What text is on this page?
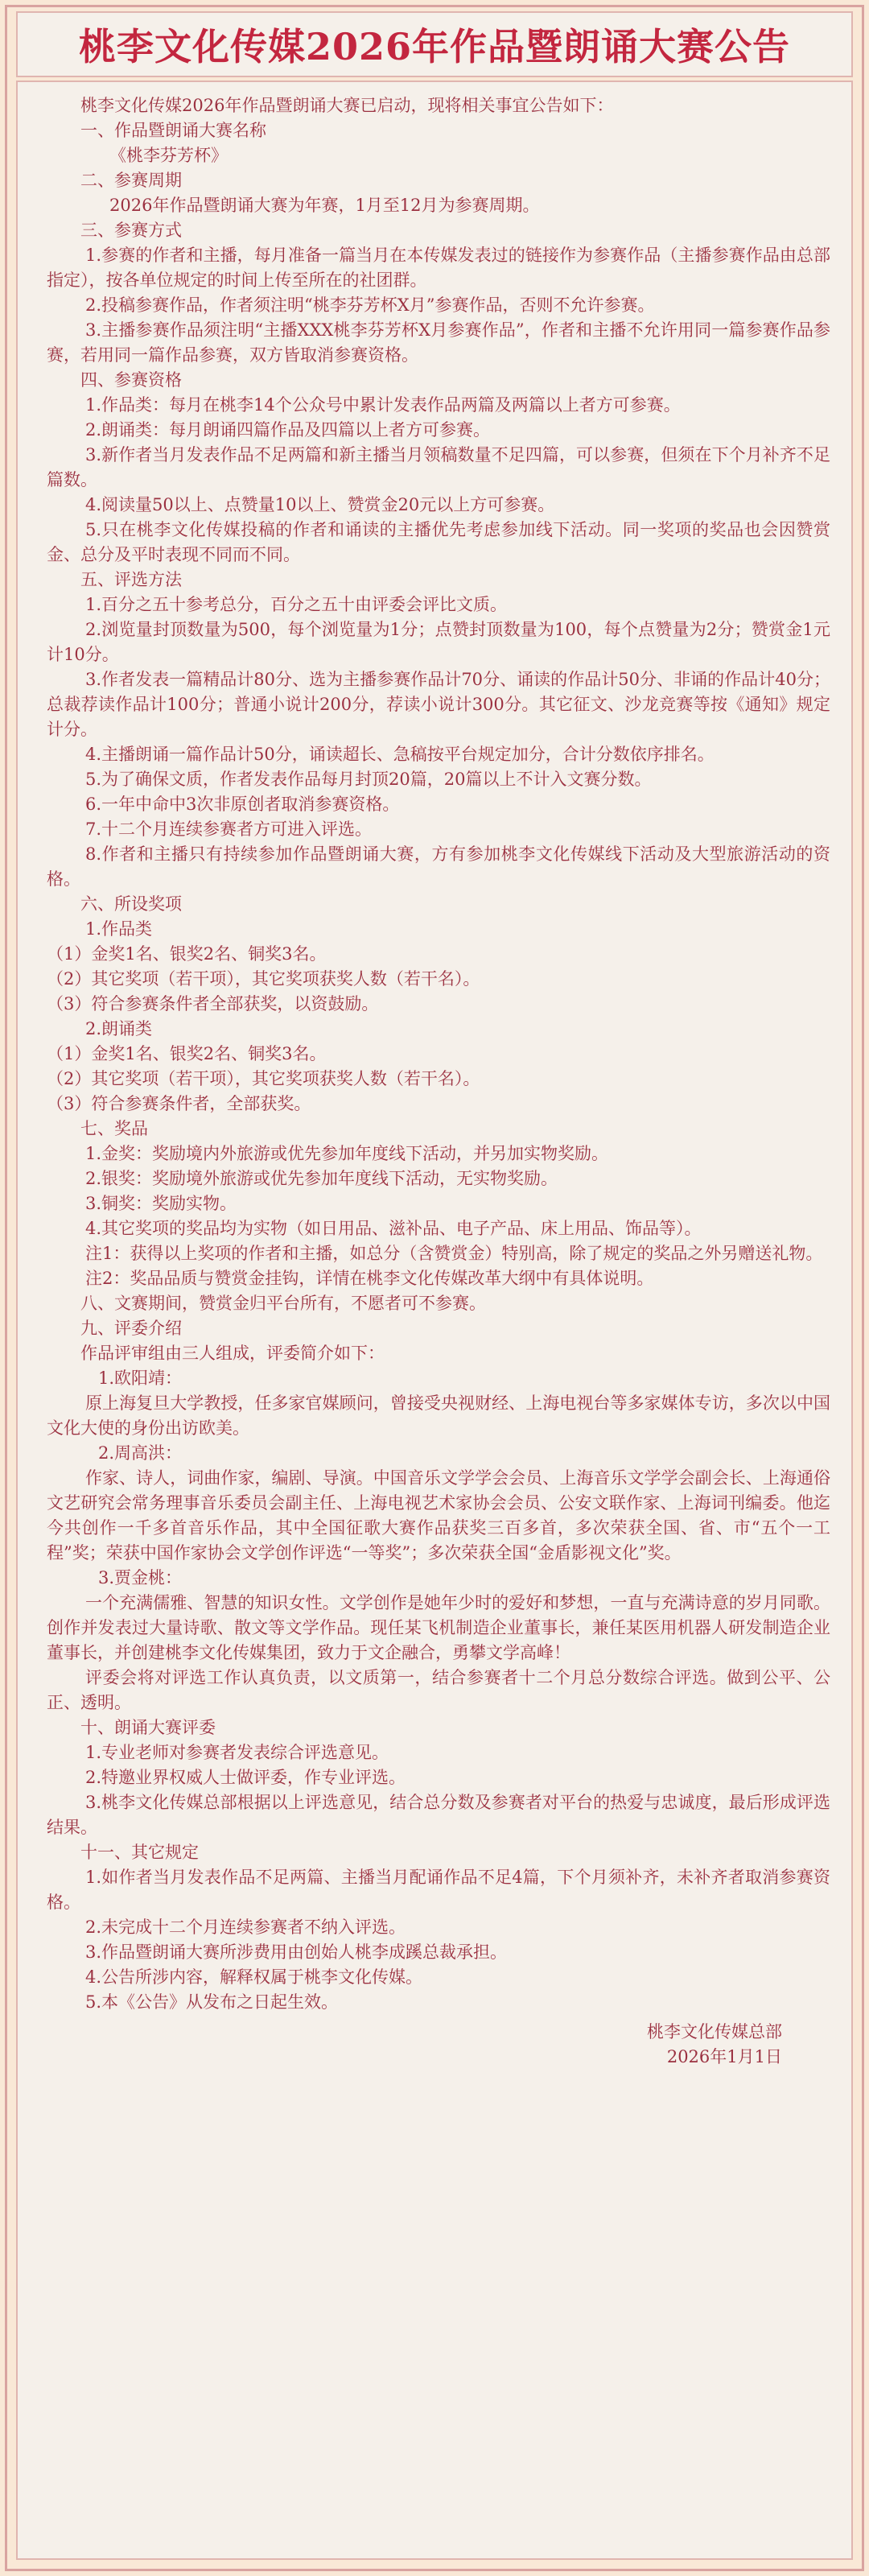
桃李文化传媒2026年作品暨朗诵大赛公告

桃李文化传媒2026年作品暨朗诵大赛已启动，现将相关事宜公告如下：

一、作品暨朗诵大赛名称

《桃李芬芳杯》

二、参赛周期

2026年作品暨朗诵大赛为年赛，1月至12月为参赛周期。

三、参赛方式

1.参赛的作者和主播，每月准备一篇当月在本传媒发表过的链接作为参赛作品（主播参赛作品由总部指定），按各单位规定的时间上传至所在的社团群。

2.投稿参赛作品，作者须注明“桃李芬芳杯X月”参赛作品，否则不允许参赛。

3.主播参赛作品须注明“主播XXX桃李芬芳杯X月参赛作品”，作者和主播不允许用同一篇参赛作品参赛，若用同一篇作品参赛，双方皆取消参赛资格。

四、参赛资格

1.作品类：每月在桃李14个公众号中累计发表作品两篇及两篇以上者方可参赛。

2.朗诵类：每月朗诵四篇作品及四篇以上者方可参赛。

3.新作者当月发表作品不足两篇和新主播当月领稿数量不足四篇，可以参赛，但须在下个月补齐不足篇数。

4.阅读量50以上、点赞量10以上、赞赏金20元以上方可参赛。

5.只在桃李文化传媒投稿的作者和诵读的主播优先考虑参加线下活动。同一奖项的奖品也会因赞赏金、总分及平时表现不同而不同。

五、评选方法

1.百分之五十参考总分，百分之五十由评委会评比文质。

2.浏览量封顶数量为500，每个浏览量为1分；点赞封顶数量为100，每个点赞量为2分；赞赏金1元计10分。

3.作者发表一篇精品计80分、选为主播参赛作品计70分、诵读的作品计50分、非诵的作品计40分；总裁荐读作品计100分；普通小说计200分，荐读小说计300分。其它征文、沙龙竞赛等按《通知》规定计分。

4.主播朗诵一篇作品计50分，诵读超长、急稿按平台规定加分，合计分数依序排名。

5.为了确保文质，作者发表作品每月封顶20篇，20篇以上不计入文赛分数。

6.一年中命中3次非原创者取消参赛资格。

7.十二个月连续参赛者方可进入评选。

8.作者和主播只有持续参加作品暨朗诵大赛，方有参加桃李文化传媒线下活动及大型旅游活动的资格。

六、所设奖项

1.作品类

（1）金奖1名、银奖2名、铜奖3名。

（2）其它奖项（若干项），其它奖项获奖人数（若干名）。

（3）符合参赛条件者全部获奖，以资鼓励。

2.朗诵类

（1）金奖1名、银奖2名、铜奖3名。

（2）其它奖项（若干项），其它奖项获奖人数（若干名）。

（3）符合参赛条件者，全部获奖。

七、奖品

1.金奖：奖励境内外旅游或优先参加年度线下活动，并另加实物奖励。

2.银奖：奖励境外旅游或优先参加年度线下活动，无实物奖励。

3.铜奖：奖励实物。

4.其它奖项的奖品均为实物（如日用品、滋补品、电子产品、床上用品、饰品等）。

注1：获得以上奖项的作者和主播，如总分（含赞赏金）特别高，除了规定的奖品之外另赠送礼物。

注2：奖品品质与赞赏金挂钩，详情在桃李文化传媒改革大纲中有具体说明。

八、文赛期间，赞赏金归平台所有，不愿者可不参赛。

九、评委介绍

作品评审组由三人组成，评委简介如下：

1.欧阳靖：

原上海复旦大学教授，任多家官媒顾问，曾接受央视财经、上海电视台等多家媒体专访，多次以中国文化大使的身份出访欧美。

2.周高洪：

作家、诗人，词曲作家，编剧、导演。中国音乐文学学会会员、上海音乐文学学会副会长、上海通俗文艺研究会常务理事音乐委员会副主任、上海电视艺术家协会会员、公安文联作家、上海词刊编委。他迄今共创作一千多首音乐作品，其中全国征歌大赛作品获奖三百多首，多次荣获全国、省、市“五个一工程”奖；荣获中国作家协会文学创作评选“一等奖”；多次荣获全国“金盾影视文化”奖。

3.贾金桃：

一个充满儒雅、智慧的知识女性。文学创作是她年少时的爱好和梦想，一直与充满诗意的岁月同歌。创作并发表过大量诗歌、散文等文学作品。现任某飞机制造企业董事长，兼任某医用机器人研发制造企业董事长，并创建桃李文化传媒集团，致力于文企融合，勇攀文学高峰！

评委会将对评选工作认真负责，以文质第一，结合参赛者十二个月总分数综合评选。做到公平、公正、透明。

十、朗诵大赛评委

1.专业老师对参赛者发表综合评选意见。

2.特邀业界权威人士做评委，作专业评选。

3.桃李文化传媒总部根据以上评选意见，结合总分数及参赛者对平台的热爱与忠诚度，最后形成评选结果。

十一、其它规定

1.如作者当月发表作品不足两篇、主播当月配诵作品不足4篇，下个月须补齐，未补齐者取消参赛资格。

2.未完成十二个月连续参赛者不纳入评选。

3.作品暨朗诵大赛所涉费用由创始人桃李成蹊总裁承担。

4.公告所涉内容，解释权属于桃李文化传媒。

5.本《公告》从发布之日起生效。

桃李文化传媒总部

2026年1月1日
